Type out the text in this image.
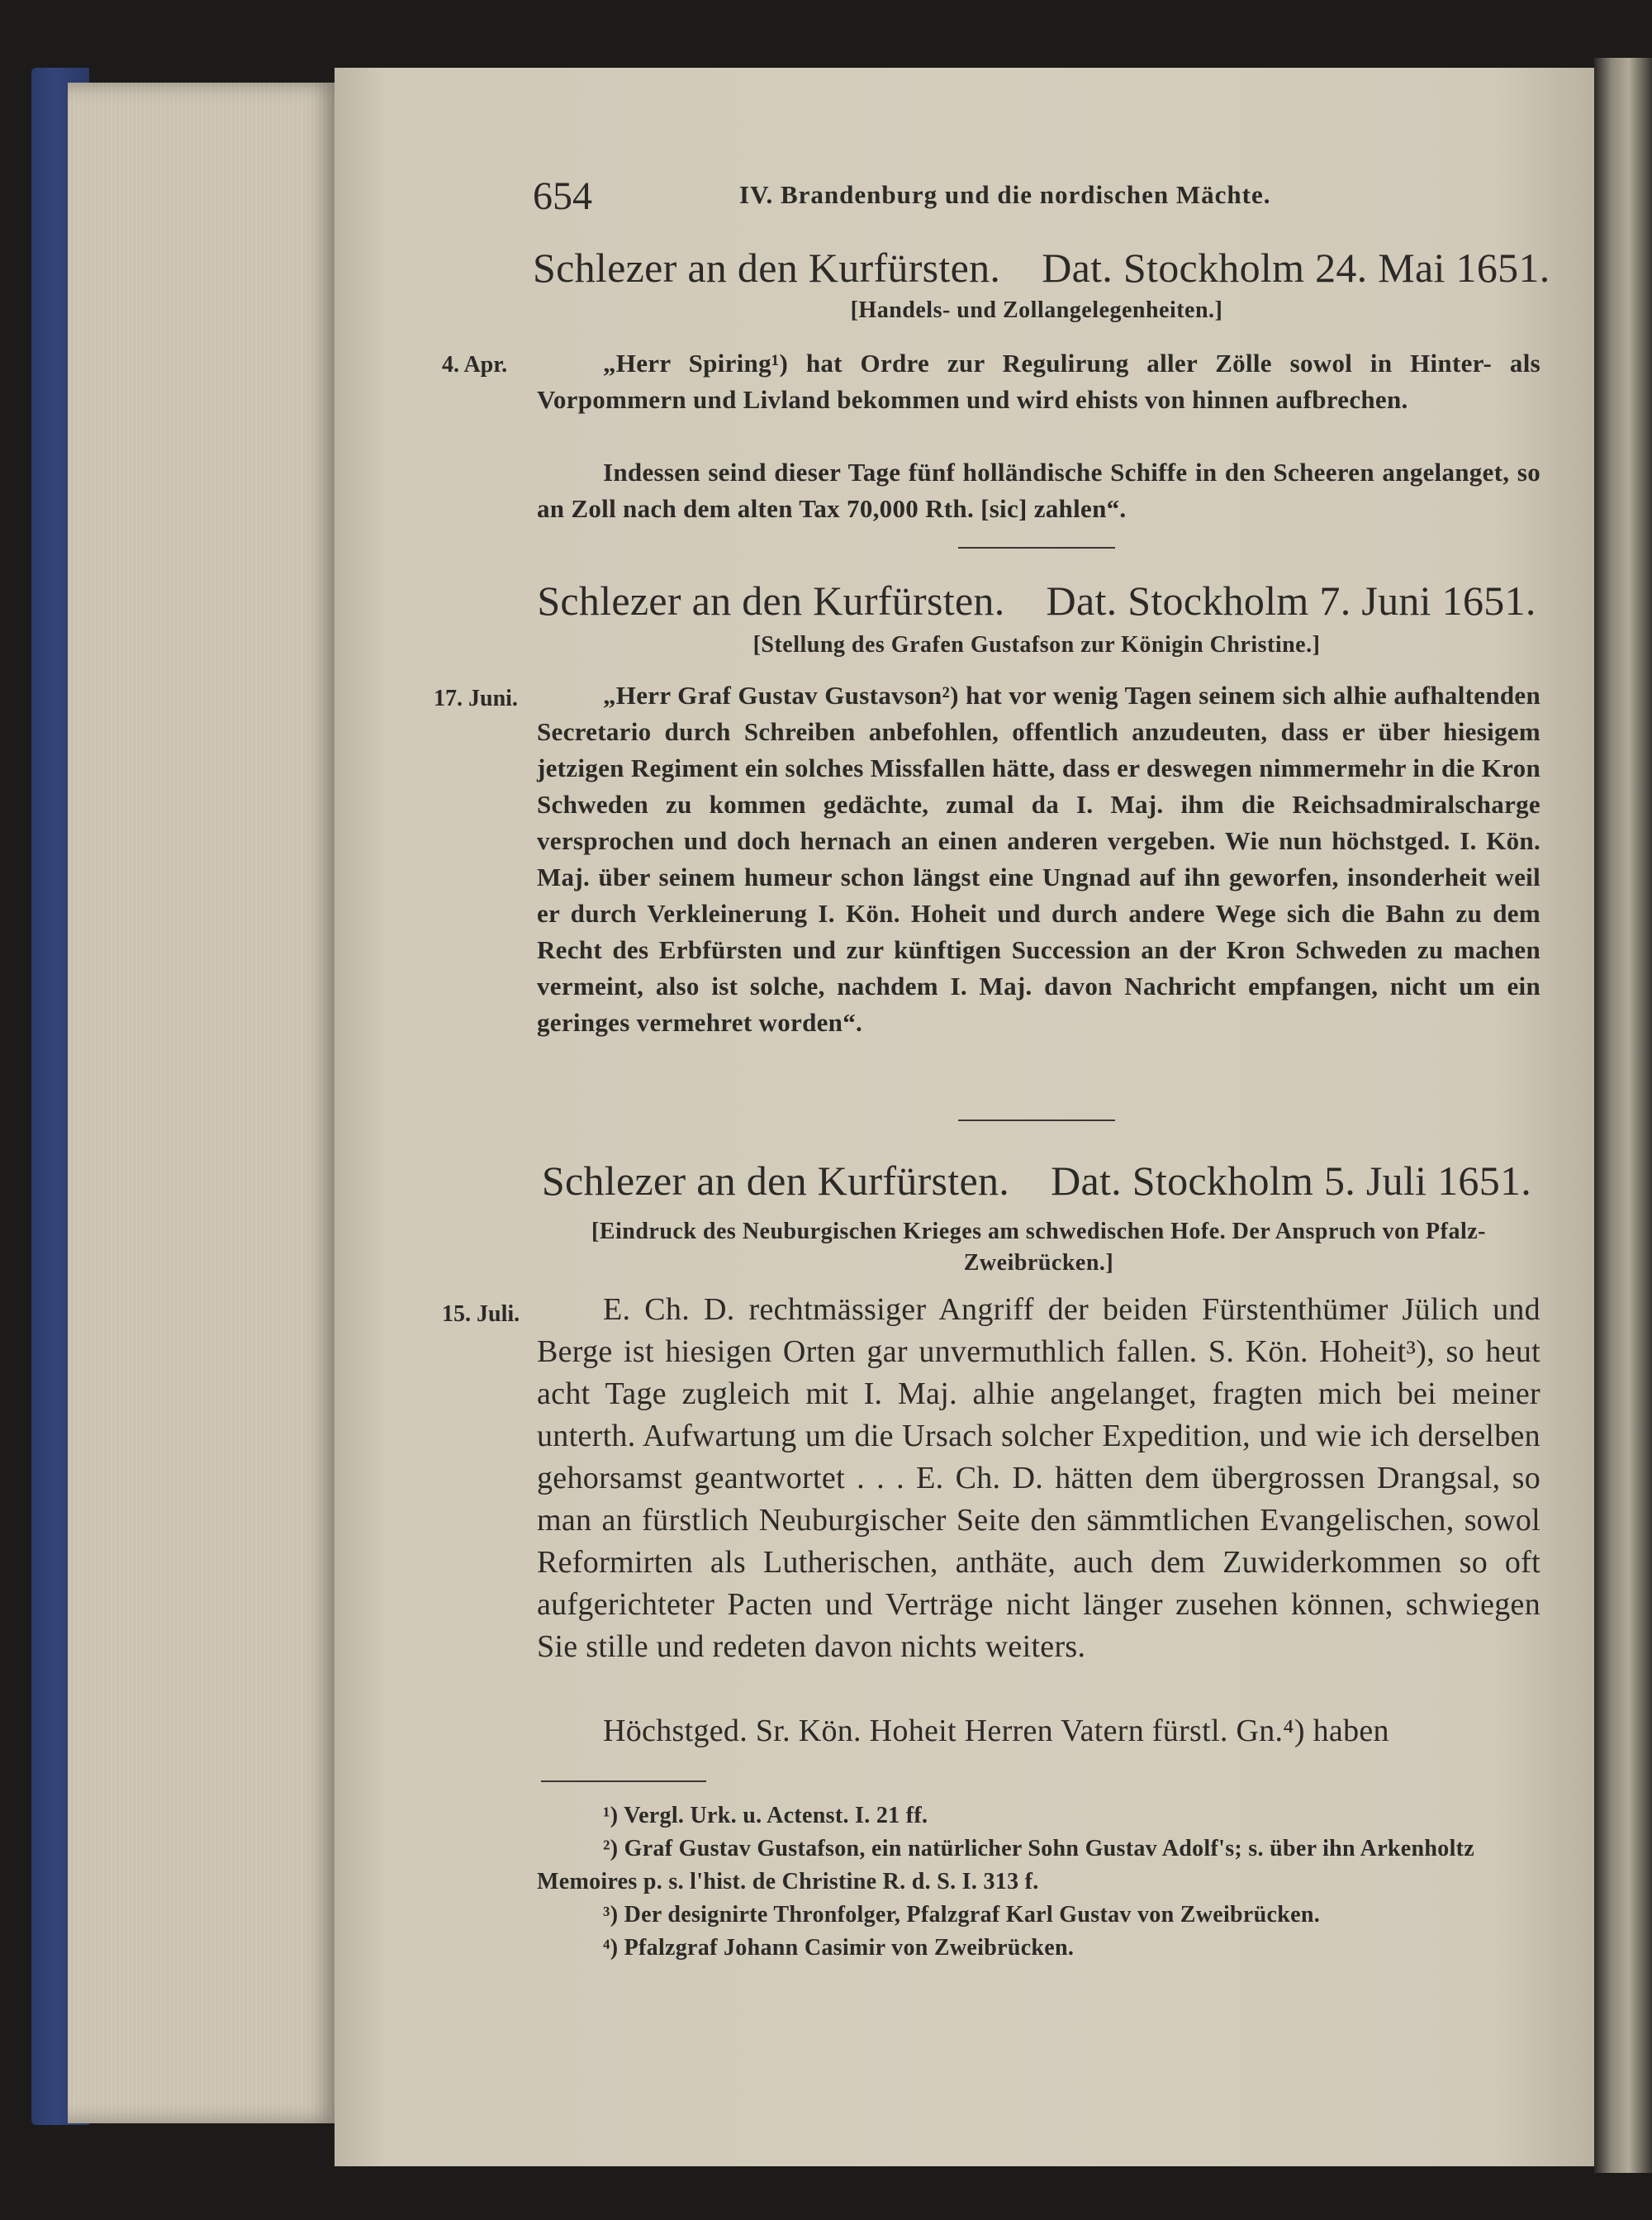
654	IV. Brandenburg und die nordischen Mächte.
Schlezer an den Kurfürsten. Dat. Stockholm 24. Mai 1651.
[Handels- und Zollangelegenheiten.]
4. Apr.	„Herr Spiring¹) hat Ordre zur Regulirung aller Zölle sowol in Hinter- als Vorpommern und Livland bekommen und wird ehists von hinnen aufbrechen.
Indessen seind dieser Tage fünf holländische Schiffe in den Scheeren angelanget, so an Zoll nach dem alten Tax 70,000 Rth. [sic] zahlen“.
Schlezer an den Kurfürsten. Dat. Stockholm 7. Juni 1651.
[Stellung des Grafen Gustafson zur Königin Christine.]
17. Juni.	„Herr Graf Gustav Gustavson²) hat vor wenig Tagen seinem sich alhie aufhaltenden Secretario durch Schreiben anbefohlen, offentlich anzudeuten, dass er über hiesigem jetzigen Regiment ein solches Missfallen hätte, dass er deswegen nimmermehr in die Kron Schweden zu kommen gedächte, zumal da I. Maj. ihm die Reichsadmiralscharge versprochen und doch hernach an einen anderen vergeben. Wie nun höchstged. I. Kön. Maj. über seinem humeur schon längst eine Ungnad auf ihn geworfen, insonderheit weil er durch Verkleinerung I. Kön. Hoheit und durch andere Wege sich die Bahn zu dem Recht des Erbfürsten und zur künftigen Succession an der Kron Schweden zu machen vermeint, also ist solche, nachdem I. Maj. davon Nachricht empfangen, nicht um ein geringes vermehret worden“.
Schlezer an den Kurfürsten. Dat. Stockholm 5. Juli 1651.
[Eindruck des Neuburgischen Krieges am schwedischen Hofe. Der Anspruch von Pfalz-Zweibrücken.]
15. Juli.	E. Ch. D. rechtmässiger Angriff der beiden Fürstenthümer Jülich und Berge ist hiesigen Orten gar unvermuthlich fallen. S. Kön. Hoheit³), so heut acht Tage zugleich mit I. Maj. alhie angelanget, fragten mich bei meiner unterth. Aufwartung um die Ursach solcher Expedition, und wie ich derselben gehorsamst geantwortet . . . E. Ch. D. hätten dem übergrossen Drangsal, so man an fürstlich Neuburgischer Seite den sämmtlichen Evangelischen, sowol Reformirten als Lutherischen, anthäte, auch dem Zuwiderkommen so oft aufgerichteter Pacten und Verträge nicht länger zusehen können, schwiegen Sie stille und redeten davon nichts weiters.
Höchstged. Sr. Kön. Hoheit Herren Vatern fürstl. Gn.⁴) haben
¹) Vergl. Urk. u. Actenst. I. 21 ff.
²) Graf Gustav Gustafson, ein natürlicher Sohn Gustav Adolf's; s. über ihn Arkenholtz Memoires p. s. l'hist. de Christine R. d. S. I. 313 f.
³) Der designirte Thronfolger, Pfalzgraf Karl Gustav von Zweibrücken.
⁴) Pfalzgraf Johann Casimir von Zweibrücken.
